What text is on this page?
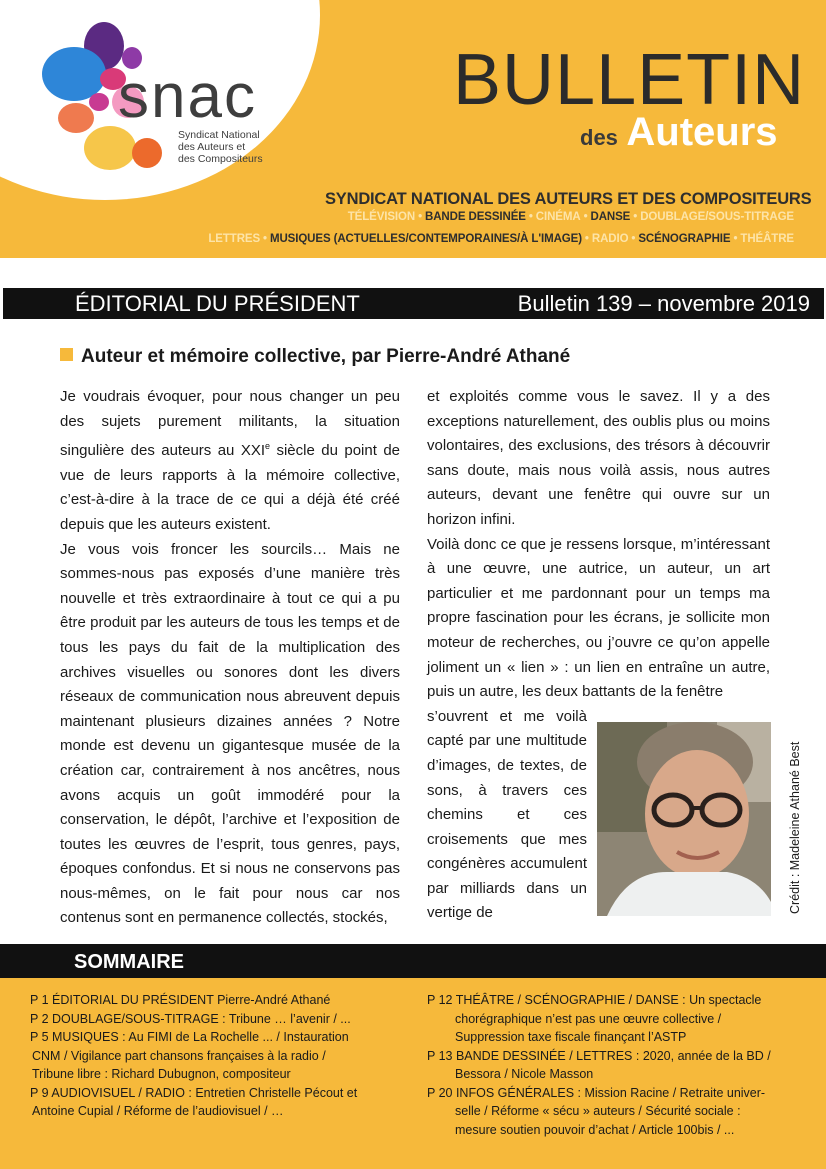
snac
Syndicat National
des Auteurs et
des Compositeurs
BULLETIN
des Auteurs
SYNDICAT NATIONAL DES AUTEURS ET DES COMPOSITEURS
TÉLÉVISION • BANDE DESSINÉE • CINÉMA • DANSE • DOUBLAGE/SOUS-TITRAGE
LETTRES • MUSIQUES (ACTUELLES/CONTEMPORAINES/À L'IMAGE) • RADIO • SCÉNOGRAPHIE • THÉÂTRE
ÉDITORIAL DU PRÉSIDENT	Bulletin 139 – novembre 2019
Auteur et mémoire collective, par Pierre-André Athané

Je voudrais évoquer, pour nous changer un peu des sujets purement militants, la situation singulière des auteurs au XXIe siècle du point de vue de leurs rapports à la mémoire collective, c’est-à-dire à la trace de ce qui a déjà été créé depuis que les auteurs existent.

Je vous vois froncer les sourcils… Mais ne sommes-nous pas exposés d’une manière très nouvelle et très extraordinaire à tout ce qui a pu être produit par les auteurs de tous les temps et de tous les pays du fait de la multiplication des archives visuelles ou sonores dont les divers réseaux de communication nous abreuvent depuis maintenant plusieurs dizaines années ? Notre monde est devenu un gigantesque musée de la création car, contrairement à nos ancêtres, nous avons acquis un goût immodéré pour la conservation, le dépôt, l’archive et l’exposition de toutes les œuvres de l’esprit, tous genres, pays, époques confondus. Et si nous ne conservons pas nous-mêmes, on le fait pour nous car nos contenus sont en permanence collectés, stockés,

et exploités comme vous le savez. Il y a des exceptions naturellement, des oublis plus ou moins volontaires, des exclusions, des trésors à découvrir sans doute, mais nous voilà assis, nous autres auteurs, devant une fenêtre qui ouvre sur un horizon infini.

Voilà donc ce que je ressens lorsque, m’intéressant à une œuvre, une autrice, un auteur, un art particulier et me pardonnant pour un temps ma propre fascination pour les écrans, je sollicite mon moteur de recherches, ou j’ouvre ce qu’on appelle joliment un « lien » : un lien en entraîne un autre, puis un autre, les deux battants de la fenêtre

s’ouvrent et me voilà capté par une multitude d’images, de textes, de sons, à travers ces chemins et ces croisements que mes congénères accumulent par milliards dans un vertige de	Crédit : Madeleine Athané Best
SOMMAIRE
P 1 ÉDITORIAL DU PRÉSIDENT Pierre-André Athané
P 2 DOUBLAGE/SOUS-TITRAGE : Tribune … l’avenir / ...
P 5 MUSIQUES : Au FIMI de La Rochelle ... / Instauration
CNM / Vigilance part chansons françaises à la radio /
Tribune libre : Richard Dubugnon, compositeur
P 9 AUDIOVISUEL / RADIO : Entretien Christelle Pécout et
Antoine Cupial / Réforme de l’audiovisuel / …
P 12 THÉÂTRE / SCÉNOGRAPHIE / DANSE : Un spectacle
chorégraphique n’est pas une œuvre collective /
Suppression taxe fiscale finançant l’ASTP
P 13 BANDE DESSINÉE / LETTRES : 2020, année de la BD /
Bessora / Nicole Masson
P 20 INFOS GÉNÉRALES : Mission Racine / Retraite univer-
selle / Réforme « sécu » auteurs / Sécurité sociale :
mesure soutien pouvoir d’achat / Article 100bis / ...
